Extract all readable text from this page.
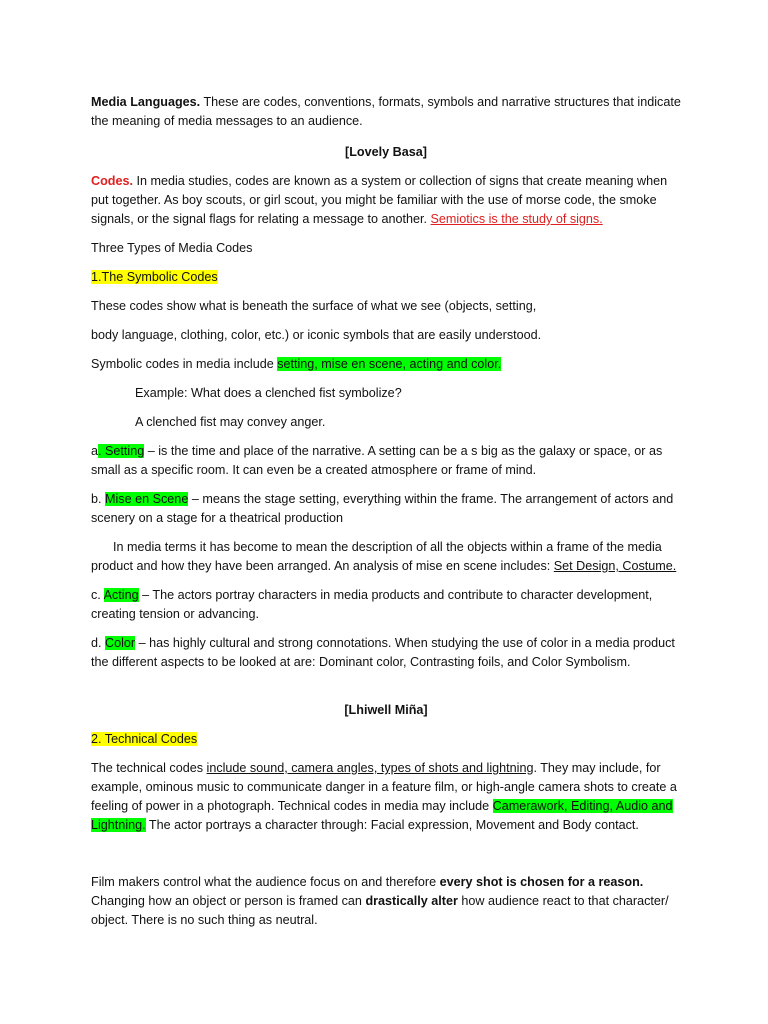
Media Languages. These are codes, conventions, formats, symbols and narrative structures that indicate the meaning of media messages to an audience.

[Lovely Basa]

Codes. In media studies, codes are known as a system or collection of signs that create meaning when put together. As boy scouts, or girl scout, you might be familiar with the use of morse code, the smoke signals, or the signal flags for relating a message to another. Semiotics is the study of signs.

Three Types of Media Codes

1.The Symbolic Codes

These codes show what is beneath the surface of what we see (objects, setting,

body language, clothing, color, etc.) or iconic symbols that are easily understood.

Symbolic codes in media include setting, mise en scene, acting and color.

Example: What does a clenched fist symbolize?

A clenched fist may convey anger.

a. Setting – is the time and place of the narrative. A setting can be a s big as the galaxy or space, or as small as a specific room. It can even be a created atmosphere or frame of mind.

b. Mise en Scene – means the stage setting, everything within the frame. The arrangement of actors and scenery on a stage for a theatrical production

In media terms it has become to mean the description of all the objects within a frame of the media product and how they have been arranged. An analysis of mise en scene includes: Set Design, Costume.

c. Acting – The actors portray characters in media products and contribute to character development, creating tension or advancing.

d. Color – has highly cultural and strong connotations. When studying the use of color in a media product the different aspects to be looked at are: Dominant color, Contrasting foils, and Color Symbolism.

[Lhiwell Miña]

2. Technical Codes

The technical codes include sound, camera angles, types of shots and lightning. They may include, for example, ominous music to communicate danger in a feature film, or high-angle camera shots to create a feeling of power in a photograph. Technical codes in media may include Camerawork, Editing, Audio and Lightning. The actor portrays a character through: Facial expression, Movement and Body contact.

Film makers control what the audience focus on and therefore every shot is chosen for a reason. Changing how an object or person is framed can drastically alter how audience react to that character/ object. There is no such thing as neutral.
